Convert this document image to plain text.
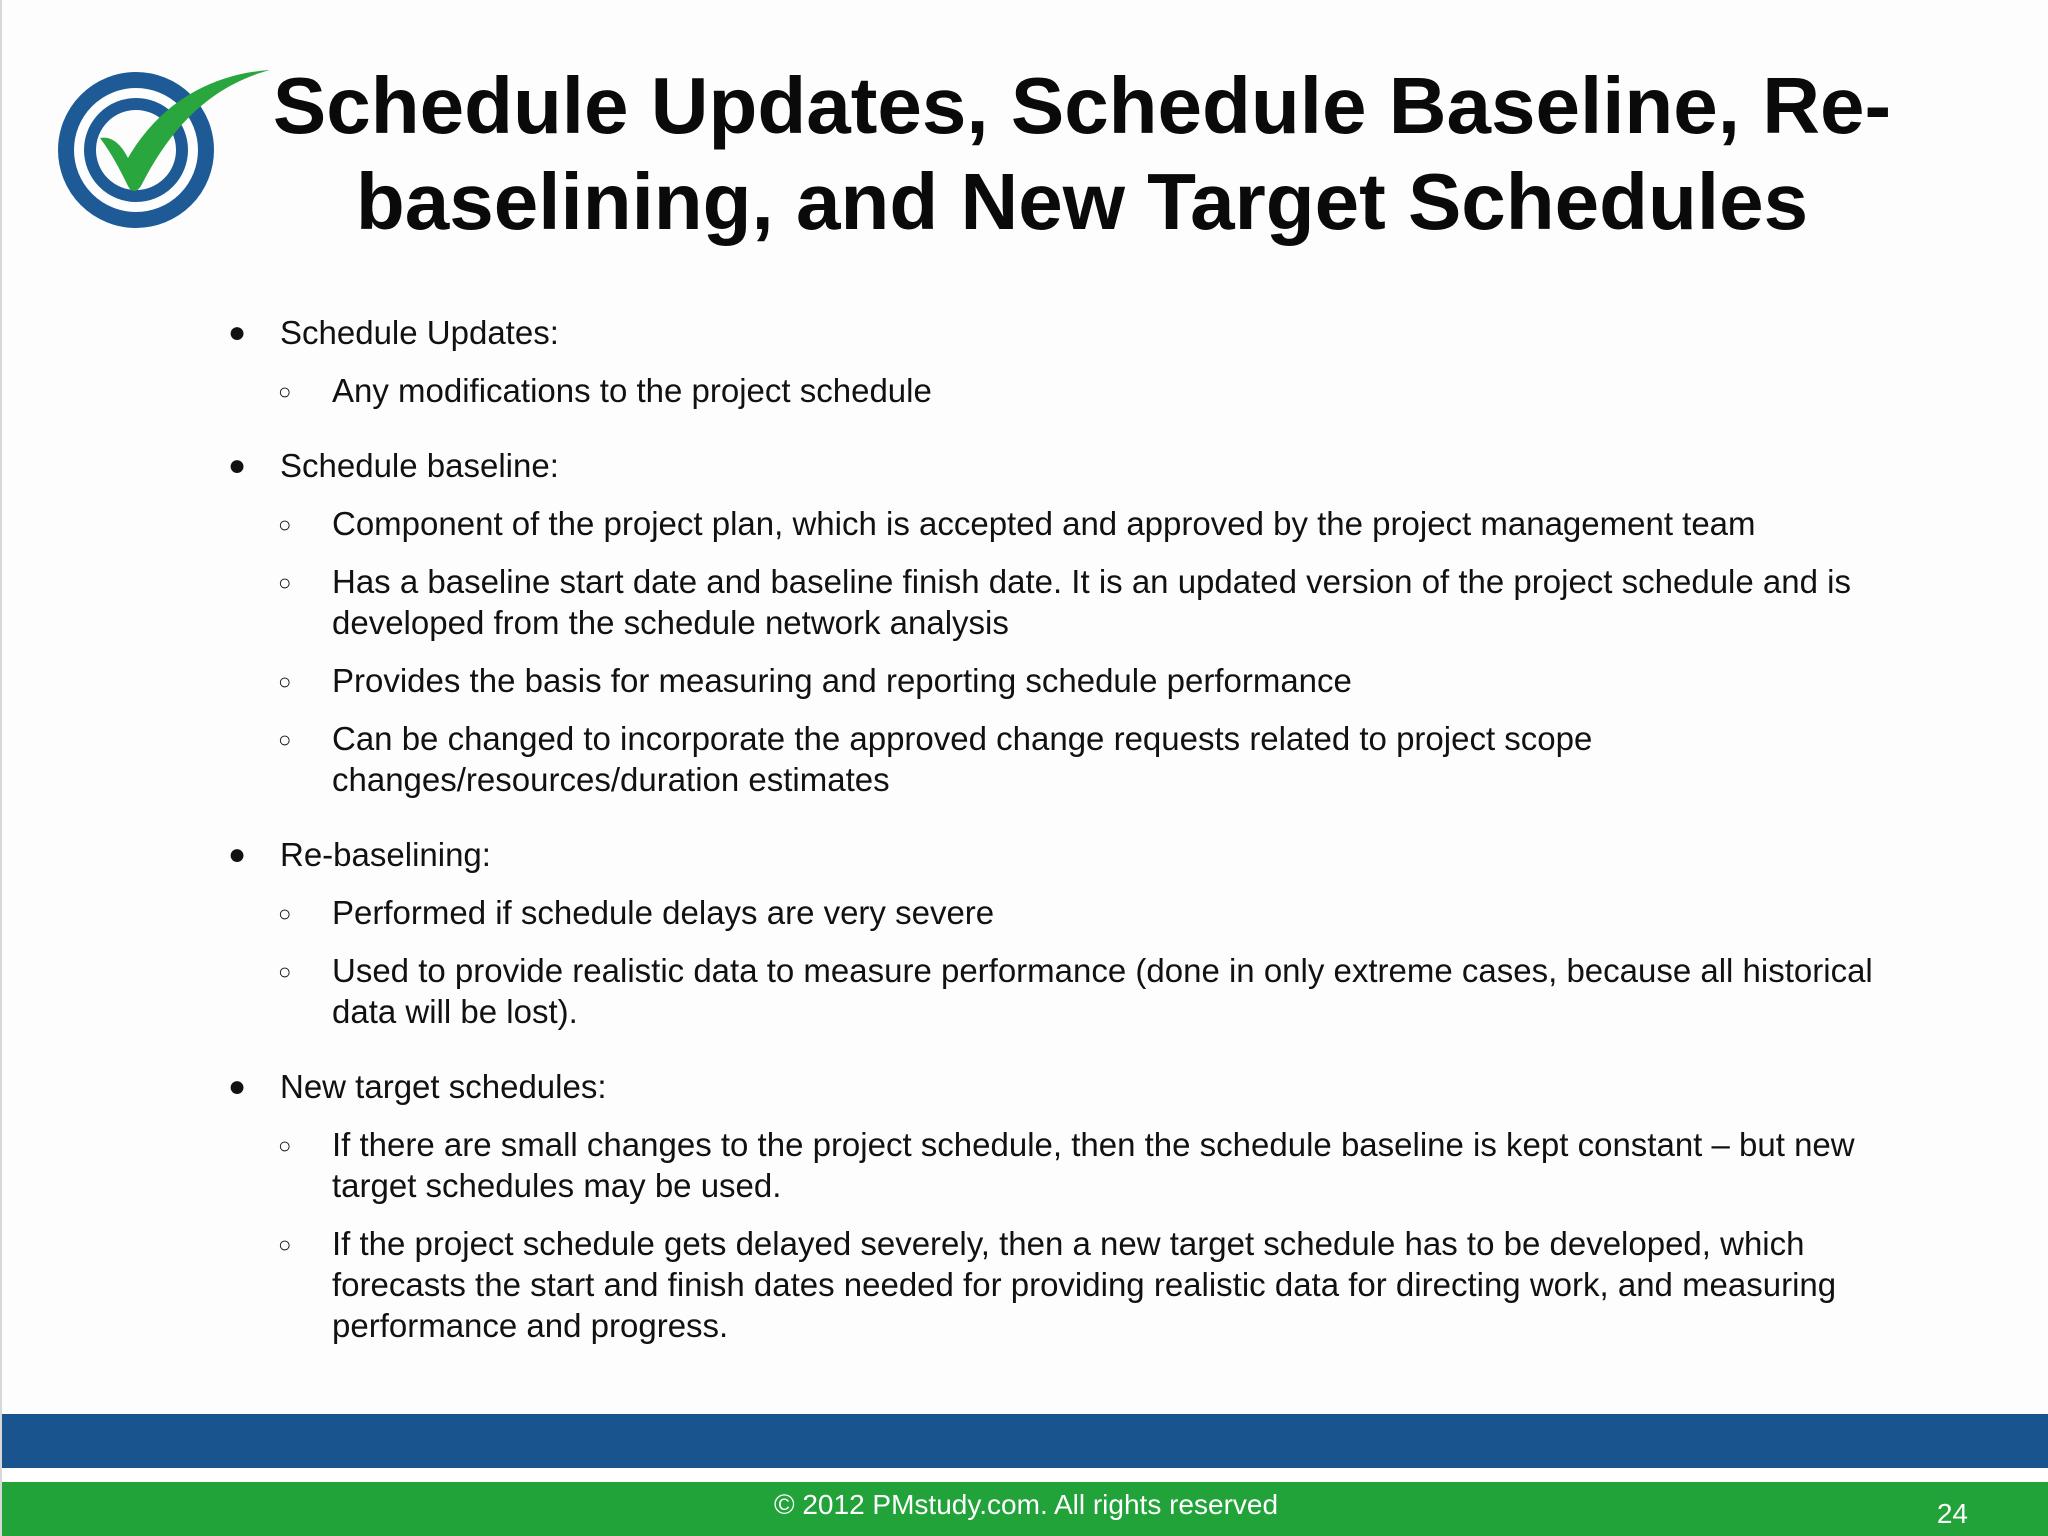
Schedule Updates, Schedule Baseline, Re-
baselining, and New Target Schedules
● Schedule Updates:
○ Any modifications to the project schedule
● Schedule baseline:
○ Component of the project plan, which is accepted and approved by the project management team
○ Has a baseline start date and baseline finish date. It is an updated version of the project schedule and is developed from the schedule network analysis
○ Provides the basis for measuring and reporting schedule performance
○ Can be changed to incorporate the approved change requests related to project scope changes/resources/duration estimates
● Re-baselining:
○ Performed if schedule delays are very severe
○ Used to provide realistic data to measure performance (done in only extreme cases, because all historical data will be lost).
● New target schedules:
○ If there are small changes to the project schedule, then the schedule baseline is kept constant – but new target schedules may be used.
○ If the project schedule gets delayed severely, then a new target schedule has to be developed, which forecasts the start and finish dates needed for providing realistic data for directing work, and measuring performance and progress.
© 2012 PMstudy.com. All rights reserved	24
